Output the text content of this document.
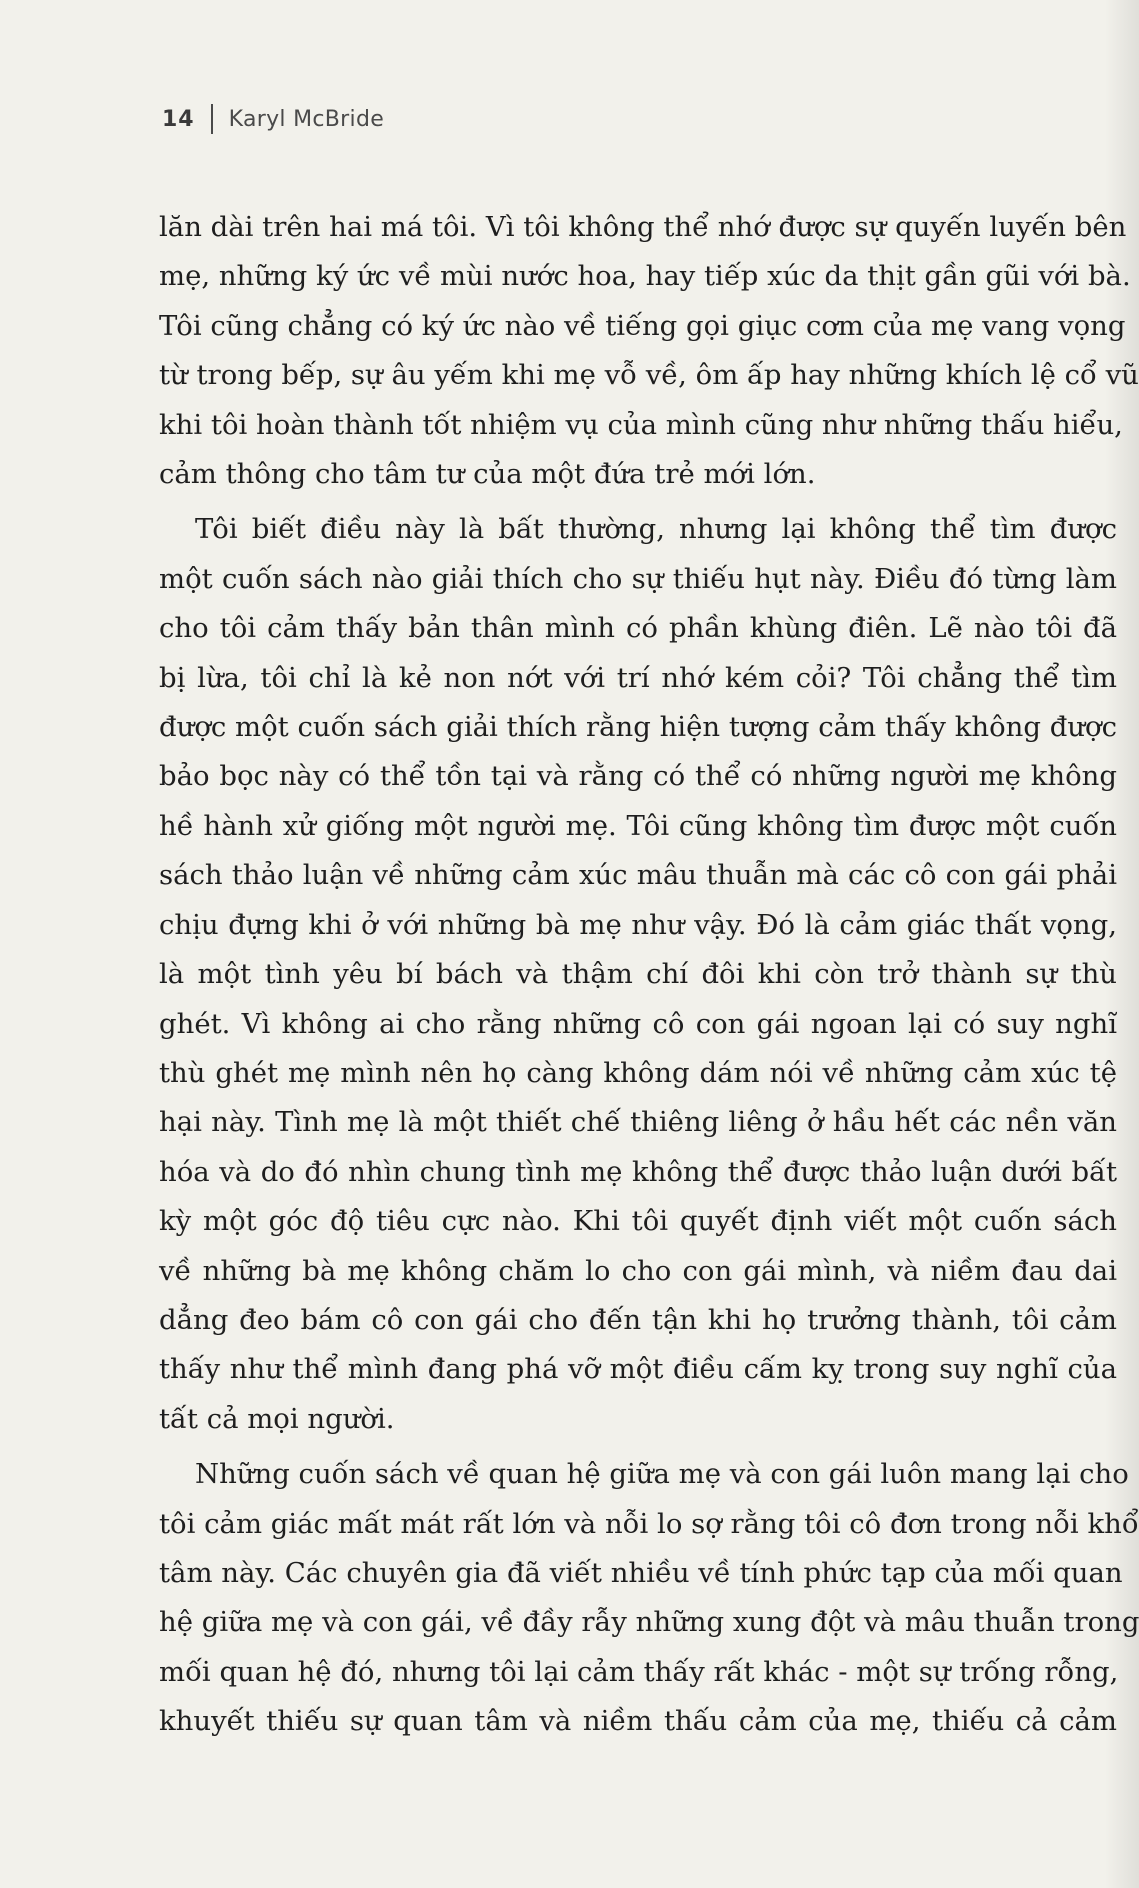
14 Karyl McBride
lăn dài trên hai má tôi. Vì tôi không thể nhớ được sự quyến luyến bên
mẹ, những ký ức về mùi nước hoa, hay tiếp xúc da thịt gần gũi với bà.
Tôi cũng chẳng có ký ức nào về tiếng gọi giục cơm của mẹ vang vọng
từ trong bếp, sự âu yếm khi mẹ vỗ về, ôm ấp hay những khích lệ cổ vũ
khi tôi hoàn thành tốt nhiệm vụ của mình cũng như những thấu hiểu,
cảm thông cho tâm tư của một đứa trẻ mới lớn.
Tôi biết điều này là bất thường, nhưng lại không thể tìm được
một cuốn sách nào giải thích cho sự thiếu hụt này. Điều đó từng làm
cho tôi cảm thấy bản thân mình có phần khùng điên. Lẽ nào tôi đã
bị lừa, tôi chỉ là kẻ non nớt với trí nhớ kém cỏi? Tôi chẳng thể tìm
được một cuốn sách giải thích rằng hiện tượng cảm thấy không được
bảo bọc này có thể tồn tại và rằng có thể có những người mẹ không
hề hành xử giống một người mẹ. Tôi cũng không tìm được một cuốn
sách thảo luận về những cảm xúc mâu thuẫn mà các cô con gái phải
chịu đựng khi ở với những bà mẹ như vậy. Đó là cảm giác thất vọng,
là một tình yêu bí bách và thậm chí đôi khi còn trở thành sự thù
ghét. Vì không ai cho rằng những cô con gái ngoan lại có suy nghĩ
thù ghét mẹ mình nên họ càng không dám nói về những cảm xúc tệ
hại này. Tình mẹ là một thiết chế thiêng liêng ở hầu hết các nền văn
hóa và do đó nhìn chung tình mẹ không thể được thảo luận dưới bất
kỳ một góc độ tiêu cực nào. Khi tôi quyết định viết một cuốn sách
về những bà mẹ không chăm lo cho con gái mình, và niềm đau dai
dẳng đeo bám cô con gái cho đến tận khi họ trưởng thành, tôi cảm
thấy như thể mình đang phá vỡ một điều cấm kỵ trong suy nghĩ của
tất cả mọi người.
Những cuốn sách về quan hệ giữa mẹ và con gái luôn mang lại cho
tôi cảm giác mất mát rất lớn và nỗi lo sợ rằng tôi cô đơn trong nỗi khổ
tâm này. Các chuyên gia đã viết nhiều về tính phức tạp của mối quan
hệ giữa mẹ và con gái, về đầy rẫy những xung đột và mâu thuẫn trong
mối quan hệ đó, nhưng tôi lại cảm thấy rất khác - một sự trống rỗng,
khuyết thiếu sự quan tâm và niềm thấu cảm của mẹ, thiếu cả cảm
